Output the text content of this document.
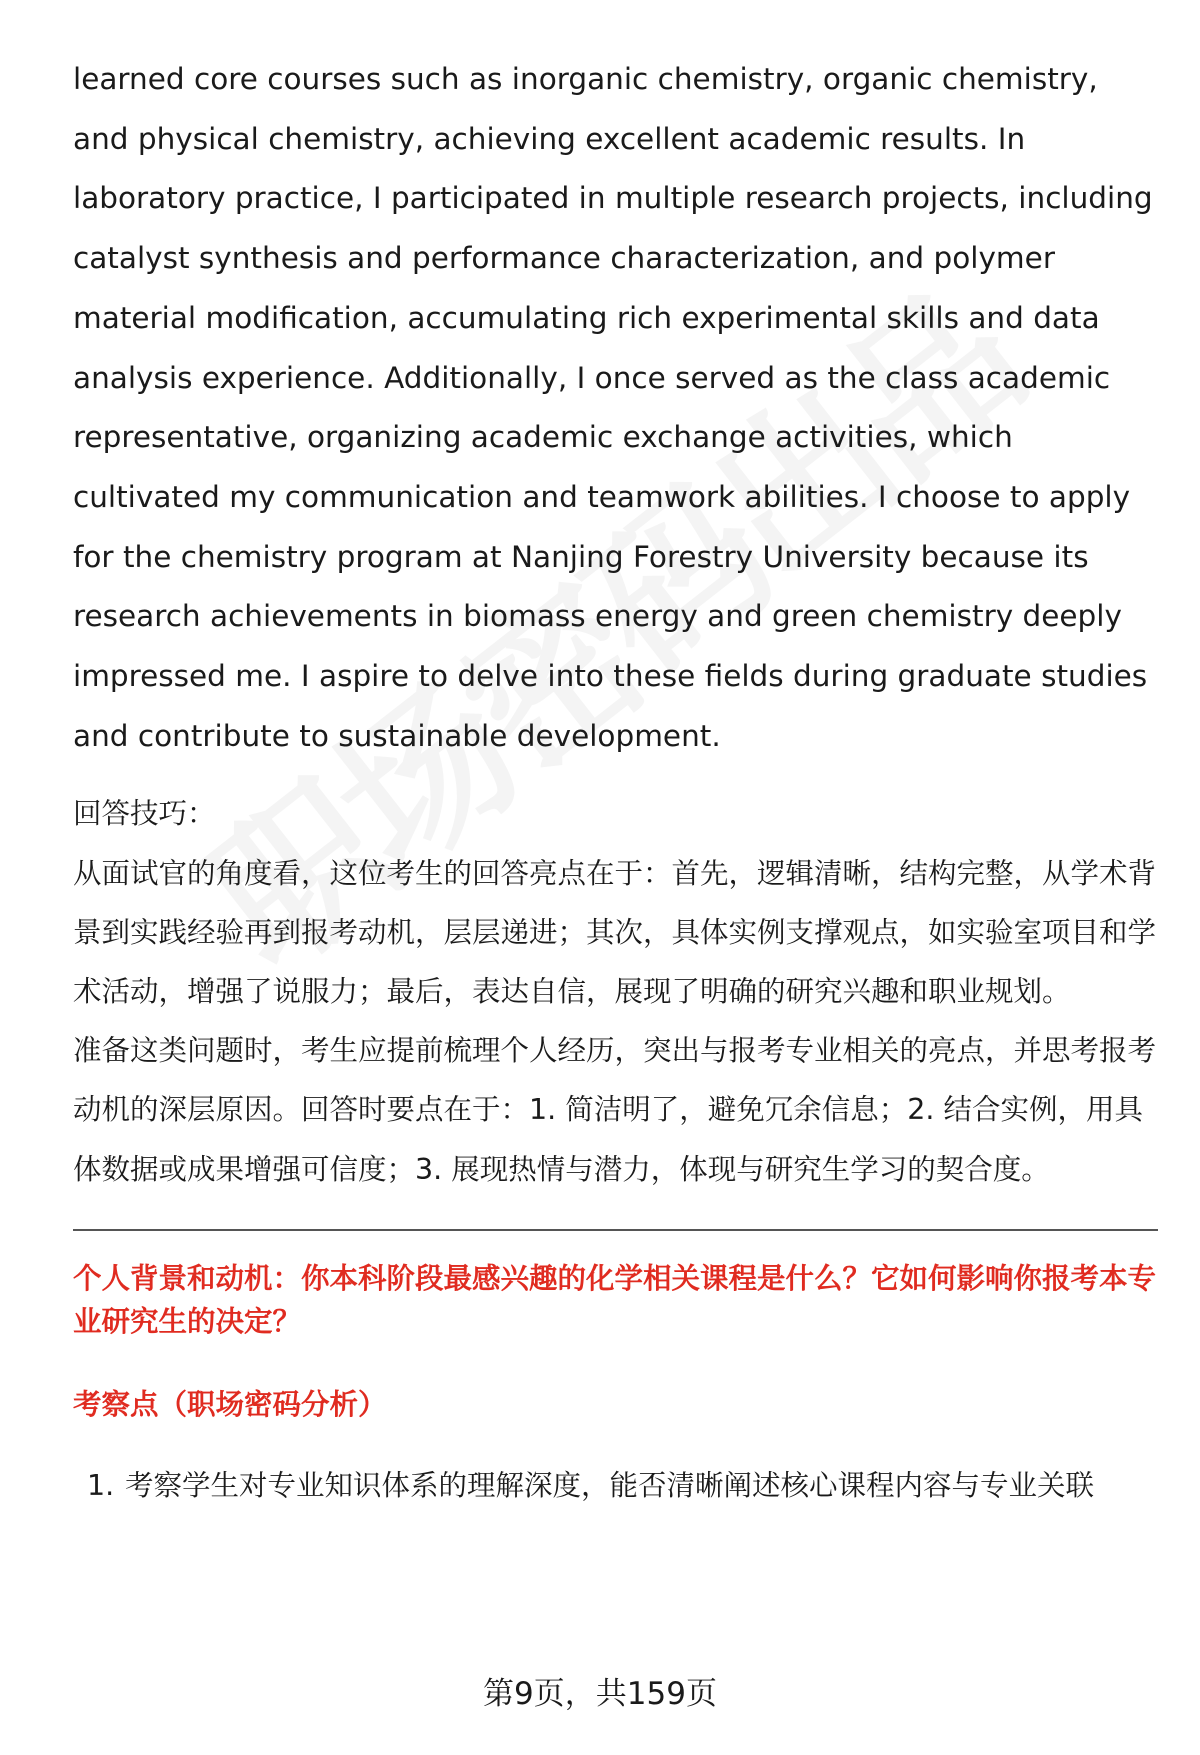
learned core courses such as inorganic chemistry, organic chemistry, and physical chemistry, achieving excellent academic results. In laboratory practice, I participated in multiple research projects, including catalyst synthesis and performance characterization, and polymer material modification, accumulating rich experimental skills and data analysis experience. Additionally, I once served as the class academic representative, organizing academic exchange activities, which cultivated my communication and teamwork abilities. I choose to apply for the chemistry program at Nanjing Forestry University because its research achievements in biomass energy and green chemistry deeply impressed me. I aspire to delve into these fields during graduate studies and contribute to sustainable development.

回答技巧：

从面试官的角度看，这位考生的回答亮点在于：首先，逻辑清晰，结构完整，从学术背景到实践经验再到报考动机，层层递进；其次，具体实例支撑观点，如实验室项目和学术活动，增强了说服力；最后，表达自信，展现了明确的研究兴趣和职业规划。

准备这类问题时，考生应提前梳理个人经历，突出与报考专业相关的亮点，并思考报考动机的深层原因。回答时要点在于：1. 简洁明了，避免冗余信息；2. 结合实例，用具体数据或成果增强可信度；3. 展现热情与潜力，体现与研究生学习的契合度。

个人背景和动机：你本科阶段最感兴趣的化学相关课程是什么？它如何影响你报考本专业研究生的决定？

考察点（职场密码分析）

1. 考察学生对专业知识体系的理解深度，能否清晰阐述核心课程内容与专业关联
第9页，共159页
